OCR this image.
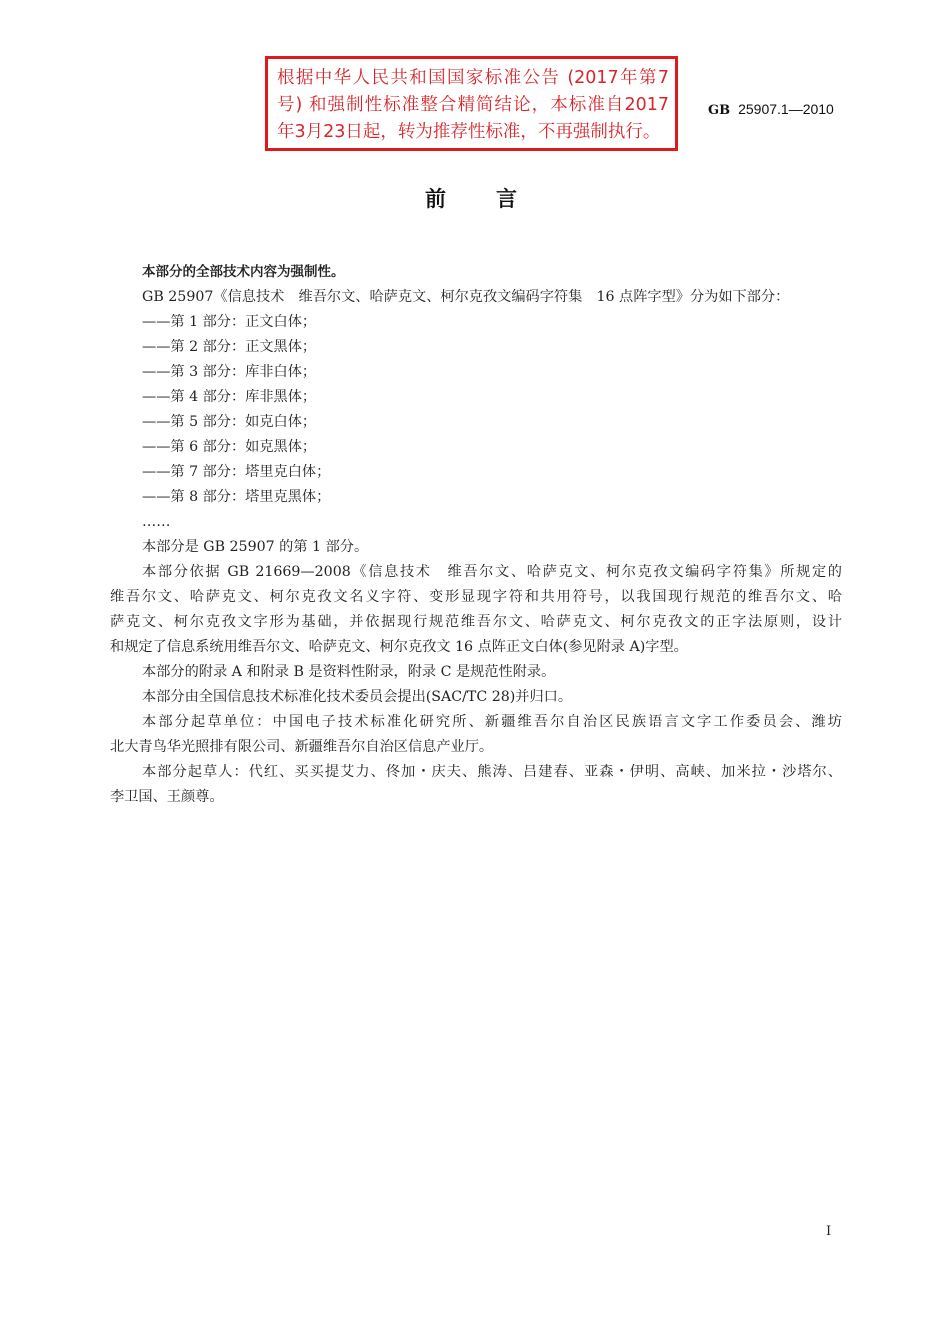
根据中华人民共和国国家标准公告 (2017年第7
号) 和强制性标准整合精简结论，本标准自2017
年3月23日起，转为推荐性标准，不再强制执行。
GB 25907.1—2010
前 言
本部分的全部技术内容为强制性。
GB 25907《信息技术　维吾尔文、哈萨克文、柯尔克孜文编码字符集　16 点阵字型》分为如下部分：
——第 1 部分：正文白体；
——第 2 部分：正文黑体；
——第 3 部分：库非白体；
——第 4 部分：库非黑体；
——第 5 部分：如克白体；
——第 6 部分：如克黑体；
——第 7 部分：塔里克白体；
——第 8 部分：塔里克黑体；
……
本部分是 GB 25907 的第 1 部分。
本部分依据 GB 21669—2008《信息技术　维吾尔文、哈萨克文、柯尔克孜文编码字符集》所规定的
维吾尔文、哈萨克文、柯尔克孜文名义字符、变形显现字符和共用符号，以我国现行规范的维吾尔文、哈
萨克文、柯尔克孜文字形为基础，并依据现行规范维吾尔文、哈萨克文、柯尔克孜文的正字法原则，设计
和规定了信息系统用维吾尔文、哈萨克文、柯尔克孜文 16 点阵正文白体(参见附录 A)字型。
本部分的附录 A 和附录 B 是资料性附录，附录 C 是规范性附录。
本部分由全国信息技术标准化技术委员会提出(SAC/TC 28)并归口。
本部分起草单位：中国电子技术标准化研究所、新疆维吾尔自治区民族语言文字工作委员会、潍坊
北大青鸟华光照排有限公司、新疆维吾尔自治区信息产业厅。
本部分起草人：代红、买买提艾力、佟加・庆夫、熊涛、吕建春、亚森・伊明、高峡、加米拉・沙塔尔、
李卫国、王颜尊。
I
